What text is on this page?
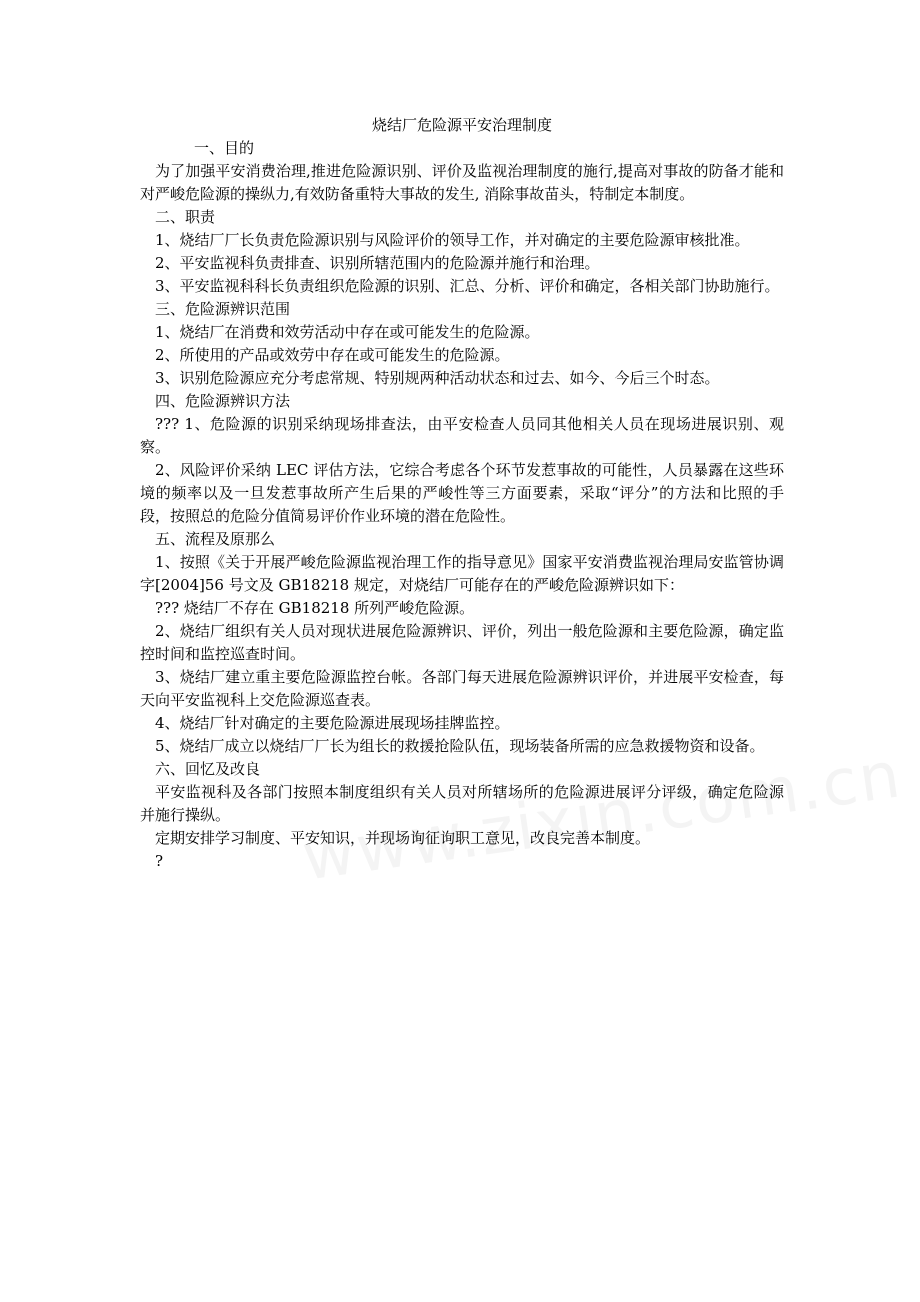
烧结厂危险源平安治理制度

一、目的

为了加强平安消费治理,推进危险源识别、评价及监视治理制度的施行,提高对事故的防备才能和对严峻危险源的操纵力,有效防备重特大事故的发生, 消除事故苗头，特制定本制度。

二、职责

1、烧结厂厂长负责危险源识别与风险评价的领导工作，并对确定的主要危险源审核批准。

2、平安监视科负责排查、识别所辖范围内的危险源并施行和治理。

3、平安监视科科长负责组织危险源的识别、汇总、分析、评价和确定，各相关部门协助施行。

三、危险源辨识范围

1、烧结厂在消费和效劳活动中存在或可能发生的危险源。

2、所使用的产品或效劳中存在或可能发生的危险源。

3、识别危险源应充分考虑常规、特别规两种活动状态和过去、如今、今后三个时态。

四、危险源辨识方法

??? 1、危险源的识别采纳现场排查法，由平安检查人员同其他相关人员在现场进展识别、观察。

2、风险评价采纳 LEC 评估方法，它综合考虑各个环节发惹事故的可能性，人员暴露在这些环境的频率以及一旦发惹事故所产生后果的严峻性等三方面要素，采取“评分”的方法和比照的手段，按照总的危险分值简易评价作业环境的潜在危险性。

五、流程及原那么

1、按照《关于开展严峻危险源监视治理工作的指导意见》国家平安消费监视治理局安监管协调字[2004]56 号文及 GB18218 规定，对烧结厂可能存在的严峻危险源辨识如下：

??? 烧结厂不存在 GB18218 所列严峻危险源。

2、烧结厂组织有关人员对现状进展危险源辨识、评价，列出一般危险源和主要危险源，确定监控时间和监控巡查时间。

3、烧结厂建立重主要危险源监控台帐。各部门每天进展危险源辨识评价，并进展平安检查，每天向平安监视科上交危险源巡查表。

4、烧结厂针对确定的主要危险源进展现场挂牌监控。

5、烧结厂成立以烧结厂厂长为组长的救援抢险队伍，现场装备所需的应急救援物资和设备。

六、回忆及改良

平安监视科及各部门按照本制度组织有关人员对所辖场所的危险源进展评分评级，确定危险源并施行操纵。

定期安排学习制度、平安知识，并现场询征询职工意见，改良完善本制度。

?
